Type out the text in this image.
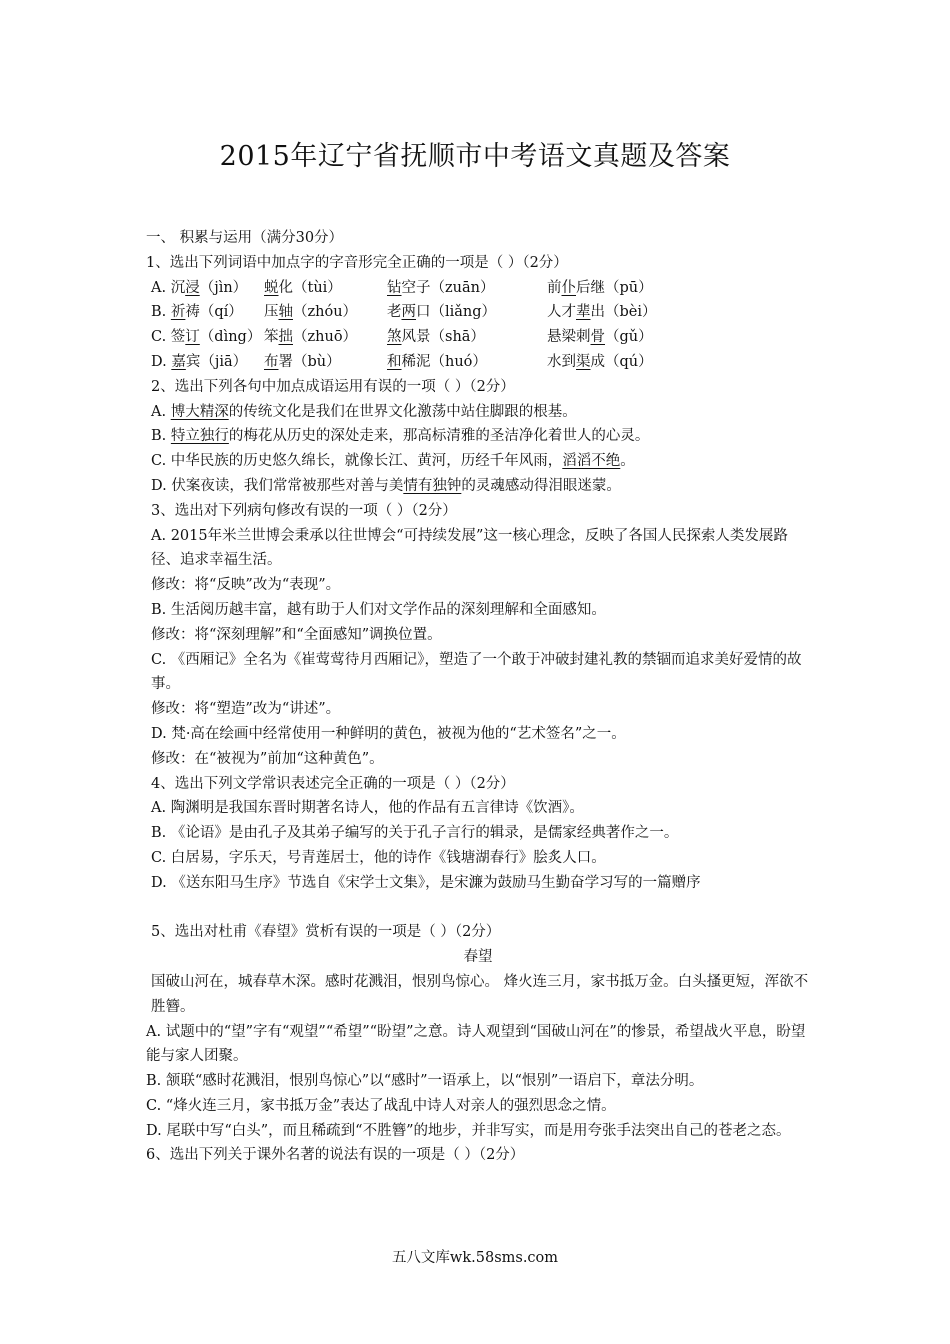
2015年辽宁省抚顺市中考语文真题及答案
一、 积累与运用（满分30分）
1、选出下列词语中加点字的字音形完全正确的一项是（ ）（2分）
A. 沉浸（jìn） 蜕化（tùi）	钻空子（zuān）	前仆后继（pū）
B. 祈祷（qí） 压轴（zhóu） 老两口（liǎng）	人才辈出（bèi）
C. 签订（dìng） 笨拙（zhuō） 煞风景（shā）	悬梁刺骨（gǔ）
D. 嘉宾（jiā） 布署（bù）	和稀泥（huó）	水到渠成（qú）
2、选出下列各句中加点成语运用有误的一项（ ）（2分）
A. 博大精深的传统文化是我们在世界文化激荡中站住脚跟的根基。
B. 特立独行的梅花从历史的深处走来，那高标清雅的圣洁净化着世人的心灵。
C. 中华民族的历史悠久绵长，就像长江、黄河，历经千年风雨，滔滔不绝。
D. 伏案夜读，我们常常被那些对善与美情有独钟的灵魂感动得泪眼迷蒙。
3、选出对下列病句修改有误的一项（ ）（2分）
A. 2015年米兰世博会秉承以往世博会“可持续发展”这一核心理念，反映了各国人民探索人类发展路径、追求幸福生活。
修改：将“反映”改为“表现”。
B. 生活阅历越丰富，越有助于人们对文学作品的深刻理解和全面感知。
修改：将“深刻理解”和“全面感知”调换位置。
C. 《西厢记》全名为《崔莺莺待月西厢记》，塑造了一个敢于冲破封建礼教的禁锢而追求美好爱情的故事。
修改：将“塑造”改为“讲述”。
D. 梵·高在绘画中经常使用一种鲜明的黄色，被视为他的“艺术签名”之一。
修改：在“被视为”前加“这种黄色”。
4、选出下列文学常识表述完全正确的一项是（ ）（2分）
A. 陶渊明是我国东晋时期著名诗人，他的作品有五言律诗《饮酒》。
B. 《论语》是由孔子及其弟子编写的关于孔子言行的辑录，是儒家经典著作之一。
C. 白居易，字乐天，号青莲居士，他的诗作《钱塘湖春行》脍炙人口。
D. 《送东阳马生序》节选自《宋学士文集》，是宋濂为鼓励马生勤奋学习写的一篇赠序
5、选出对杜甫《春望》赏析有误的一项是（ ）（2分）
春望
国破山河在，城春草木深。感时花溅泪，恨别鸟惊心。 烽火连三月，家书抵万金。白头搔更短，浑欲不胜簪。
A. 试题中的“望”字有“观望”“希望”“盼望”之意。诗人观望到“国破山河在”的惨景，希望战火平息，盼望 能与家人团聚。
B. 颔联“感时花溅泪，恨别鸟惊心”以“感时”一语承上，以“恨别”一语启下，章法分明。
C. “烽火连三月，家书抵万金”表达了战乱中诗人对亲人的强烈思念之情。
D. 尾联中写“白头”，而且稀疏到“不胜簪”的地步，并非写实，而是用夸张手法突出自己的苍老之态。
6、选出下列关于课外名著的说法有误的一项是（ ）（2分）
五八文库wk.58sms.com
